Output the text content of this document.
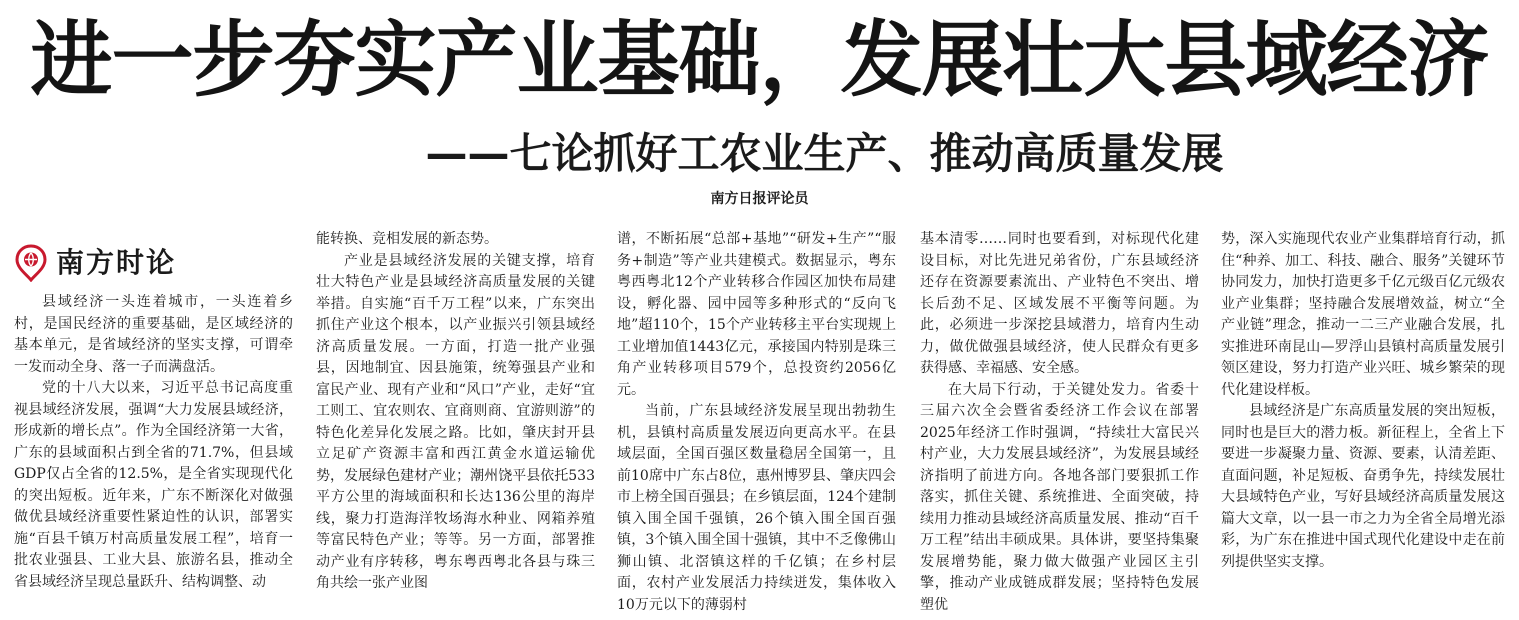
进一步夯实产业基础，发展壮大县域经济
——七论抓好工农业生产、推动高质量发展
南方日报评论员
南方时论

县域经济一头连着城市，一头连着乡村，是国民经济的重要基础，是区域经济的基本单元，是省域经济的坚实支撑，可谓牵一发而动全身、落一子而满盘活。

党的十八大以来，习近平总书记高度重视县域经济发展，强调“大力发展县域经济，形成新的增长点”。作为全国经济第一大省，广东的县域面积占到全省的71.7%，但县域GDP仅占全省的12.5%，是全省实现现代化的突出短板。近年来，广东不断深化对做强做优县域经济重要性紧迫性的认识，部署实施“百县千镇万村高质量发展工程”，培育一批农业强县、工业大县、旅游名县，推动全省县域经济呈现总量跃升、结构调整、动

能转换、竞相发展的新态势。

产业是县域经济发展的关键支撑，培育壮大特色产业是县域经济高质量发展的关键举措。自实施“百千万工程”以来，广东突出抓住产业这个根本，以产业振兴引领县域经济高质量发展。一方面，打造一批产业强县，因地制宜、因县施策，统筹强县产业和富民产业、现有产业和“风口”产业，走好“宜工则工、宜农则农、宜商则商、宜游则游”的特色化差异化发展之路。比如，肇庆封开县立足矿产资源丰富和西江黄金水道运输优势，发展绿色建材产业；潮州饶平县依托533平方公里的海域面积和长达136公里的海岸线，聚力打造海洋牧场海水种业、网箱养殖等富民特色产业；等等。另一方面，部署推动产业有序转移，粤东粤西粤北各县与珠三角共绘一张产业图

谱，不断拓展“总部+基地”“研发+生产”“服务+制造”等产业共建模式。数据显示，粤东粤西粤北12个产业转移合作园区加快布局建设，孵化器、园中园等多种形式的“反向飞地”超110个，15个产业转移主平台实现规上工业增加值1443亿元，承接国内特别是珠三角产业转移项目579个，总投资约2056亿元。

当前，广东县域经济发展呈现出勃勃生机，县镇村高质量发展迈向更高水平。在县域层面，全国百强区数量稳居全国第一，且前10席中广东占8位，惠州博罗县、肇庆四会市上榜全国百强县；在乡镇层面，124个建制镇入围全国千强镇，26个镇入围全国百强镇，3个镇入围全国十强镇，其中不乏像佛山狮山镇、北滘镇这样的千亿镇；在乡村层面，农村产业发展活力持续迸发，集体收入10万元以下的薄弱村

基本清零……同时也要看到，对标现代化建设目标，对比先进兄弟省份，广东县域经济还存在资源要素流出、产业特色不突出、增长后劲不足、区域发展不平衡等问题。为此，必须进一步深挖县域潜力，培育内生动力，做优做强县域经济，使人民群众有更多获得感、幸福感、安全感。

在大局下行动，于关键处发力。省委十三届六次全会暨省委经济工作会议在部署2025年经济工作时强调，“持续壮大富民兴村产业，大力发展县域经济”，为发展县域经济指明了前进方向。各地各部门要狠抓工作落实，抓住关键、系统推进、全面突破，持续用力推动县域经济高质量发展、推动“百千万工程”结出丰硕成果。具体讲，要坚持集聚发展增势能，聚力做大做强产业园区主引擎，推动产业成链成群发展；坚持特色发展塑优

势，深入实施现代农业产业集群培育行动，抓住“种养、加工、科技、融合、服务”关键环节协同发力，加快打造更多千亿元级百亿元级农业产业集群；坚持融合发展增效益，树立“全产业链”理念，推动一二三产业融合发展，扎实推进环南昆山—罗浮山县镇村高质量发展引领区建设，努力打造产业兴旺、城乡繁荣的现代化建设样板。

县域经济是广东高质量发展的突出短板，同时也是巨大的潜力板。新征程上，全省上下要进一步凝聚力量、资源、要素，认清差距、直面问题，补足短板、奋勇争先，持续发展壮大县域特色产业，写好县域经济高质量发展这篇大文章，以一县一市之力为全省全局增光添彩，为广东在推进中国式现代化建设中走在前列提供坚实支撑。
